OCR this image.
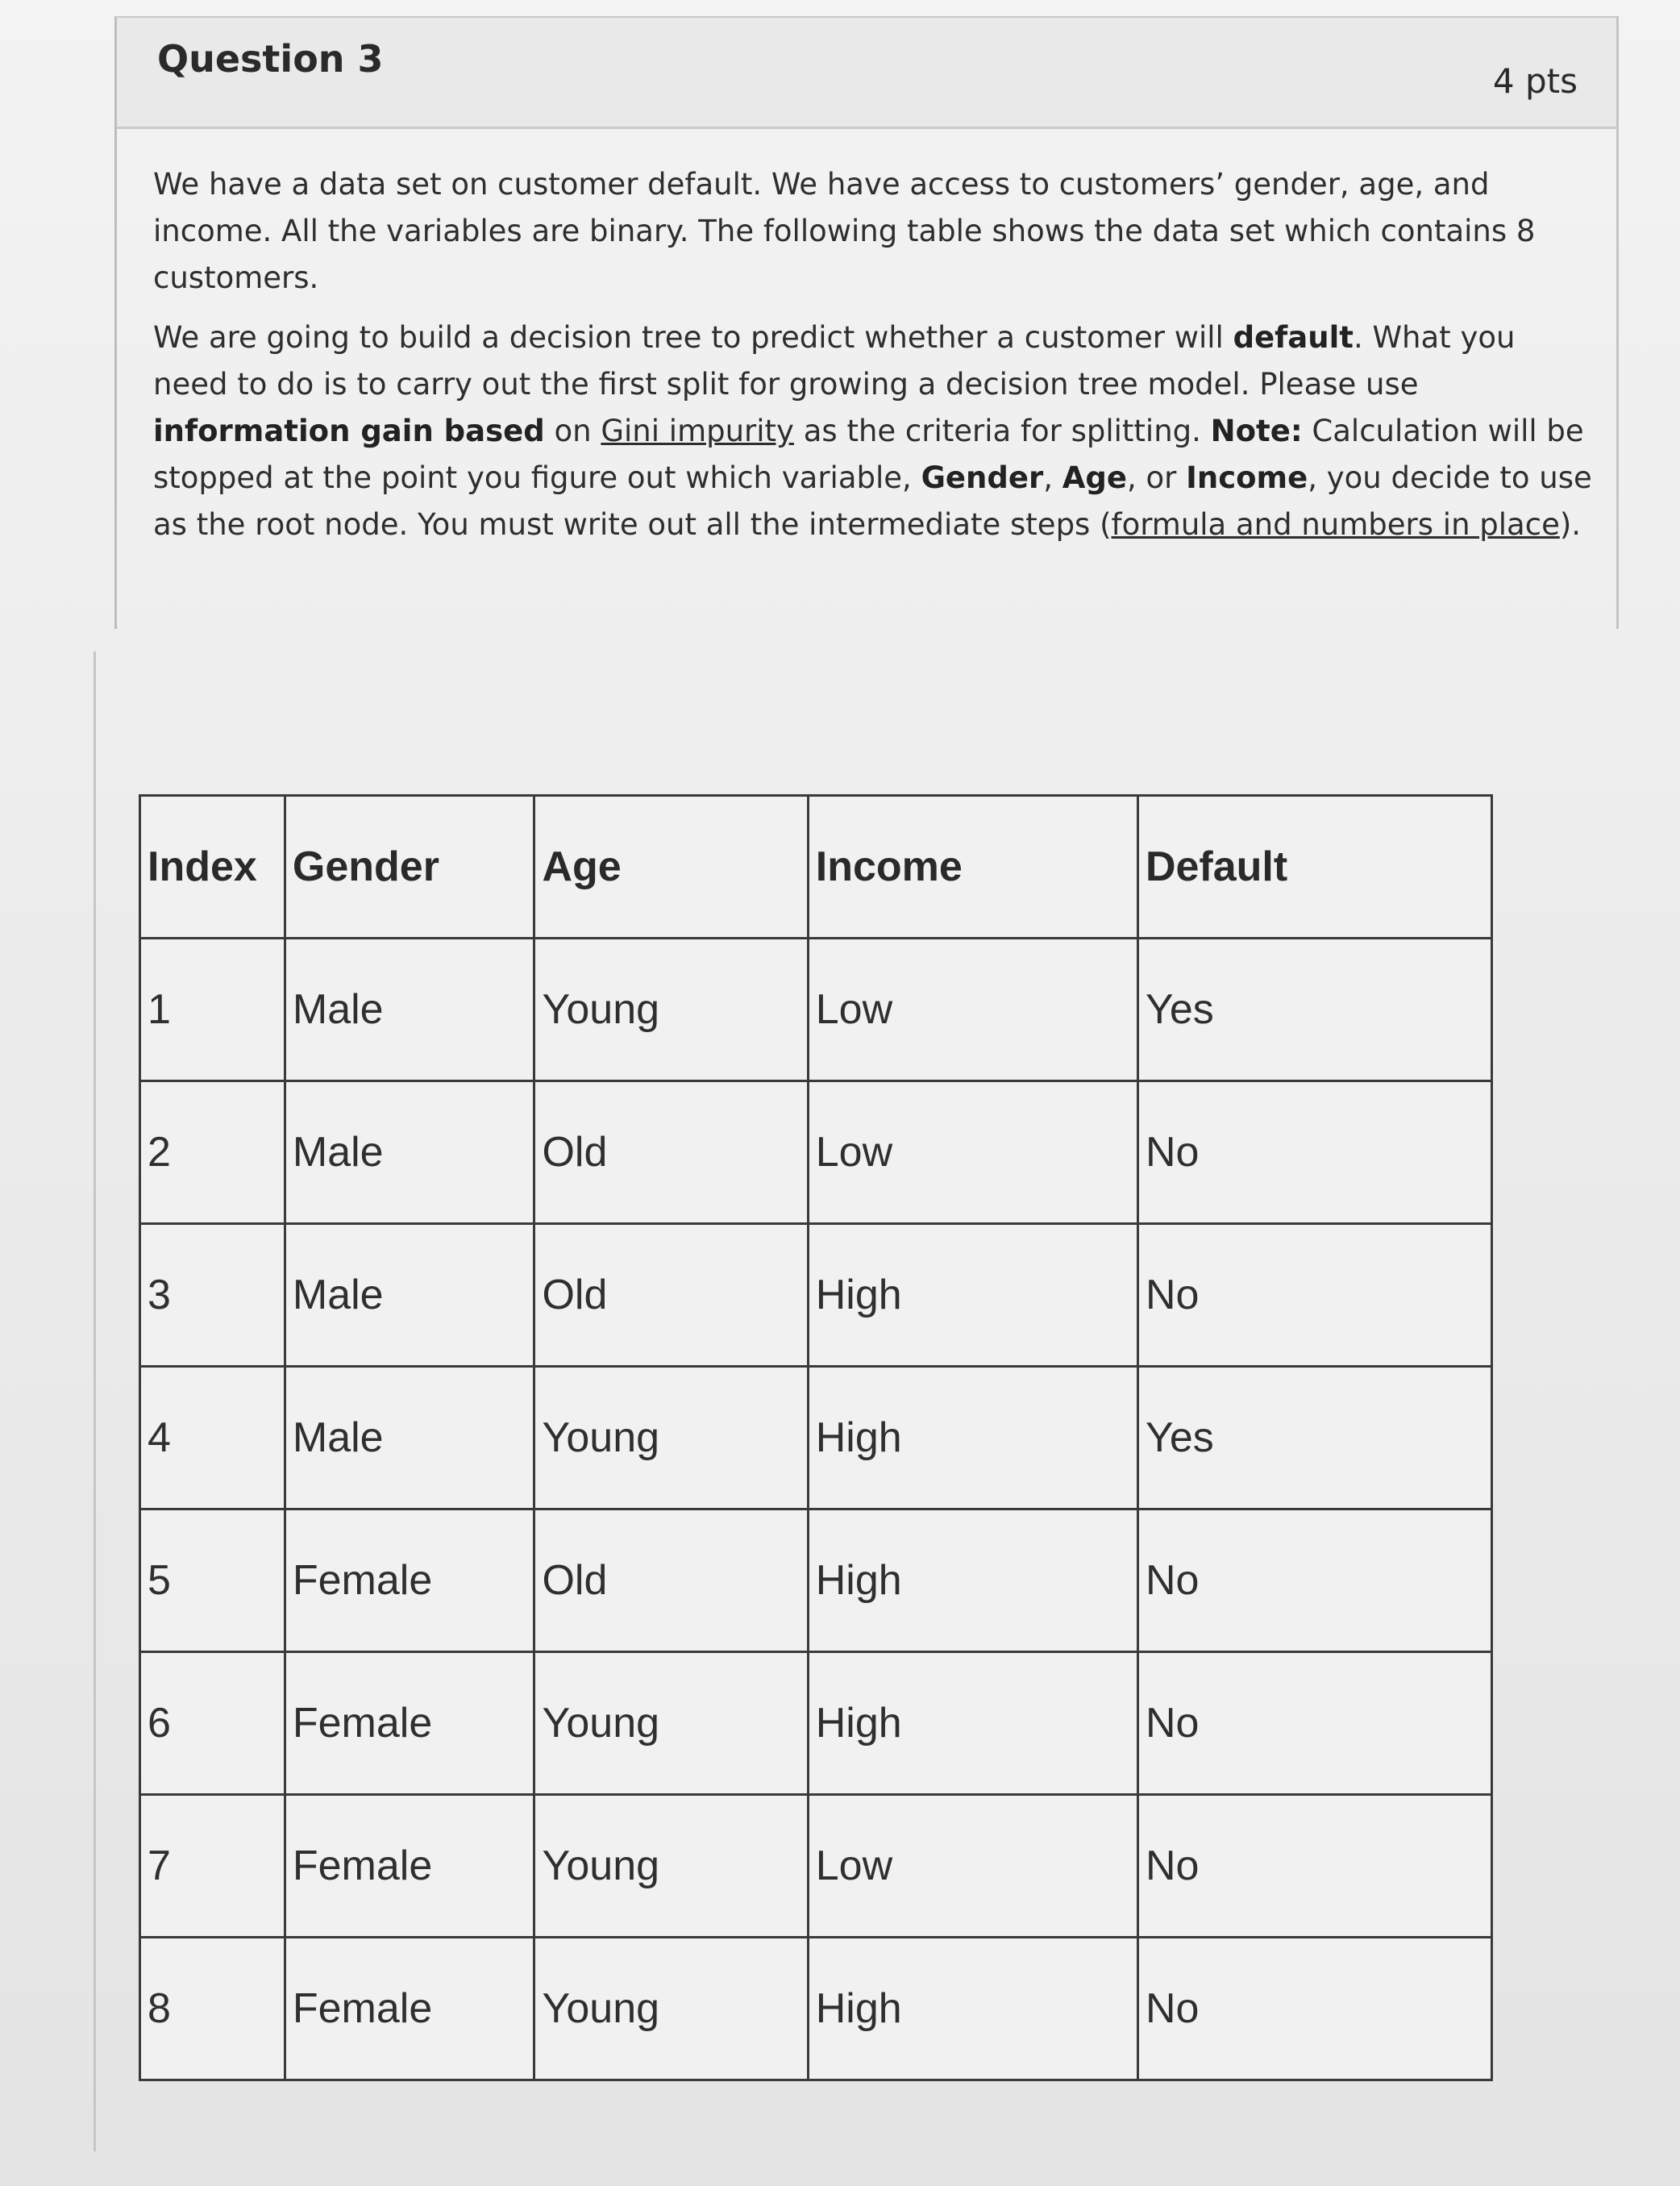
Question 3
4 pts

We have a data set on customer default. We have access to customers’ gender, age, and income. All the variables are binary. The following table shows the data set which contains 8 customers.

We are going to build a decision tree to predict whether a customer will default. What you need to do is to carry out the first split for growing a decision tree model. Please use information gain based on Gini impurity as the criteria for splitting. Note: Calculation will be stopped at the point you figure out which variable, Gender, Age, or Income, you decide to use as the root node. You must write out all the intermediate steps (formula and numbers in place).

Index	Gender	Age	Income	Default
1	Male	Young	Low	Yes
2	Male	Old	Low	No
3	Male	Old	High	No
4	Male	Young	High	Yes
5	Female	Old	High	No
6	Female	Young	High	No
7	Female	Young	Low	No
8	Female	Young	High	No
